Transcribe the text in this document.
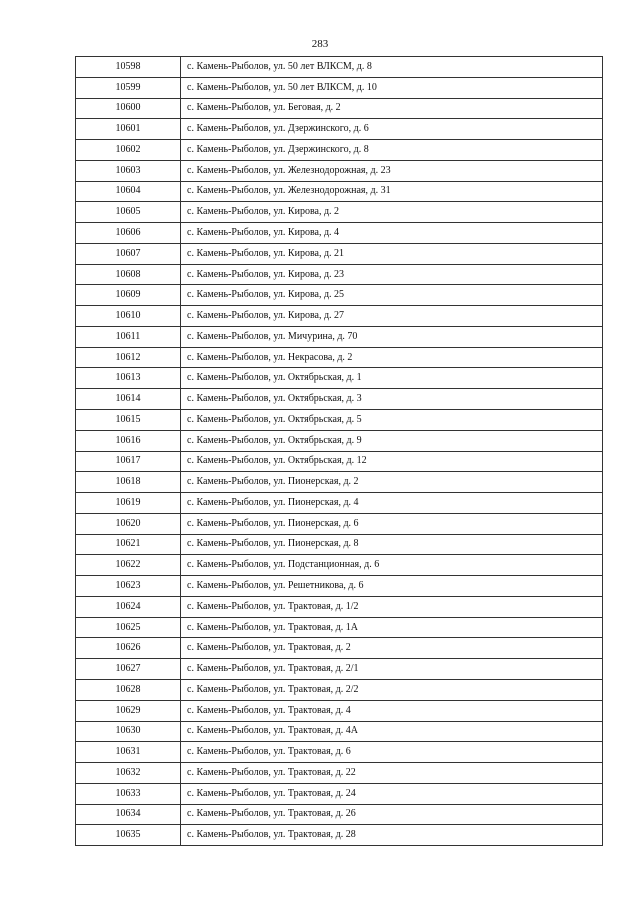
283
10598	с. Камень-Рыболов, ул. 50 лет ВЛКСМ, д. 8
10599	с. Камень-Рыболов, ул. 50 лет ВЛКСМ, д. 10
10600	с. Камень-Рыболов, ул. Беговая, д. 2
10601	с. Камень-Рыболов, ул. Дзержинского, д. 6
10602	с. Камень-Рыболов, ул. Дзержинского, д. 8
10603	с. Камень-Рыболов, ул. Железнодорожная, д. 23
10604	с. Камень-Рыболов, ул. Железнодорожная, д. 31
10605	с. Камень-Рыболов, ул. Кирова, д. 2
10606	с. Камень-Рыболов, ул. Кирова, д. 4
10607	с. Камень-Рыболов, ул. Кирова, д. 21
10608	с. Камень-Рыболов, ул. Кирова, д. 23
10609	с. Камень-Рыболов, ул. Кирова, д. 25
10610	с. Камень-Рыболов, ул. Кирова, д. 27
10611	с. Камень-Рыболов, ул. Мичурина, д. 70
10612	с. Камень-Рыболов, ул. Некрасова, д. 2
10613	с. Камень-Рыболов, ул. Октябрьская, д. 1
10614	с. Камень-Рыболов, ул. Октябрьская, д. 3
10615	с. Камень-Рыболов, ул. Октябрьская, д. 5
10616	с. Камень-Рыболов, ул. Октябрьская, д. 9
10617	с. Камень-Рыболов, ул. Октябрьская, д. 12
10618	с. Камень-Рыболов, ул. Пионерская, д. 2
10619	с. Камень-Рыболов, ул. Пионерская, д. 4
10620	с. Камень-Рыболов, ул. Пионерская, д. 6
10621	с. Камень-Рыболов, ул. Пионерская, д. 8
10622	с. Камень-Рыболов, ул. Подстанционная, д. 6
10623	с. Камень-Рыболов, ул. Решетникова, д. 6
10624	с. Камень-Рыболов, ул. Трактовая, д. 1/2
10625	с. Камень-Рыболов, ул. Трактовая, д. 1А
10626	с. Камень-Рыболов, ул. Трактовая, д. 2
10627	с. Камень-Рыболов, ул. Трактовая, д. 2/1
10628	с. Камень-Рыболов, ул. Трактовая, д. 2/2
10629	с. Камень-Рыболов, ул. Трактовая, д. 4
10630	с. Камень-Рыболов, ул. Трактовая, д. 4А
10631	с. Камень-Рыболов, ул. Трактовая, д. 6
10632	с. Камень-Рыболов, ул. Трактовая, д. 22
10633	с. Камень-Рыболов, ул. Трактовая, д. 24
10634	с. Камень-Рыболов, ул. Трактовая, д. 26
10635	с. Камень-Рыболов, ул. Трактовая, д. 28
